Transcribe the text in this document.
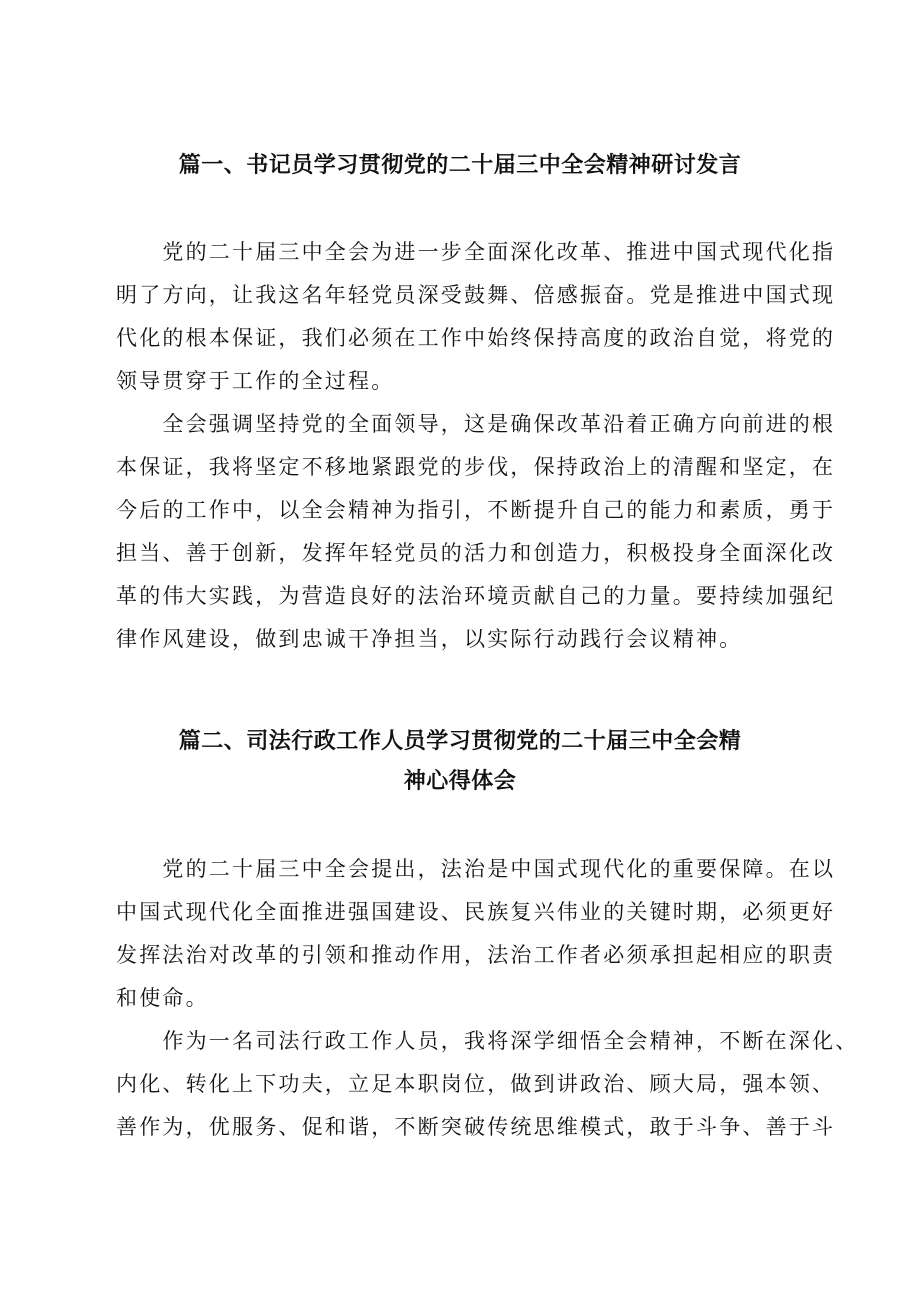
篇一、书记员学习贯彻党的二十届三中全会精神研讨发言
　　党的二十届三中全会为进一步全面深化改革、推进中国式现代化指
明了方向，让我这名年轻党员深受鼓舞、倍感振奋。党是推进中国式现
代化的根本保证，我们必须在工作中始终保持高度的政治自觉，将党的
领导贯穿于工作的全过程。
　　全会强调坚持党的全面领导，这是确保改革沿着正确方向前进的根
本保证，我将坚定不移地紧跟党的步伐，保持政治上的清醒和坚定，在
今后的工作中，以全会精神为指引，不断提升自己的能力和素质，勇于
担当、善于创新，发挥年轻党员的活力和创造力，积极投身全面深化改
革的伟大实践，为营造良好的法治环境贡献自己的力量。要持续加强纪
律作风建设，做到忠诚干净担当，以实际行动践行会议精神。
篇二、司法行政工作人员学习贯彻党的二十届三中全会精
神心得体会
　　党的二十届三中全会提出，法治是中国式现代化的重要保障。在以
中国式现代化全面推进强国建设、民族复兴伟业的关键时期，必须更好
发挥法治对改革的引领和推动作用，法治工作者必须承担起相应的职责
和使命。
　　作为一名司法行政工作人员，我将深学细悟全会精神，不断在深化、
内化、转化上下功夫，立足本职岗位，做到讲政治、顾大局，强本领、
善作为，优服务、促和谐，不断突破传统思维模式，敢于斗争、善于斗
